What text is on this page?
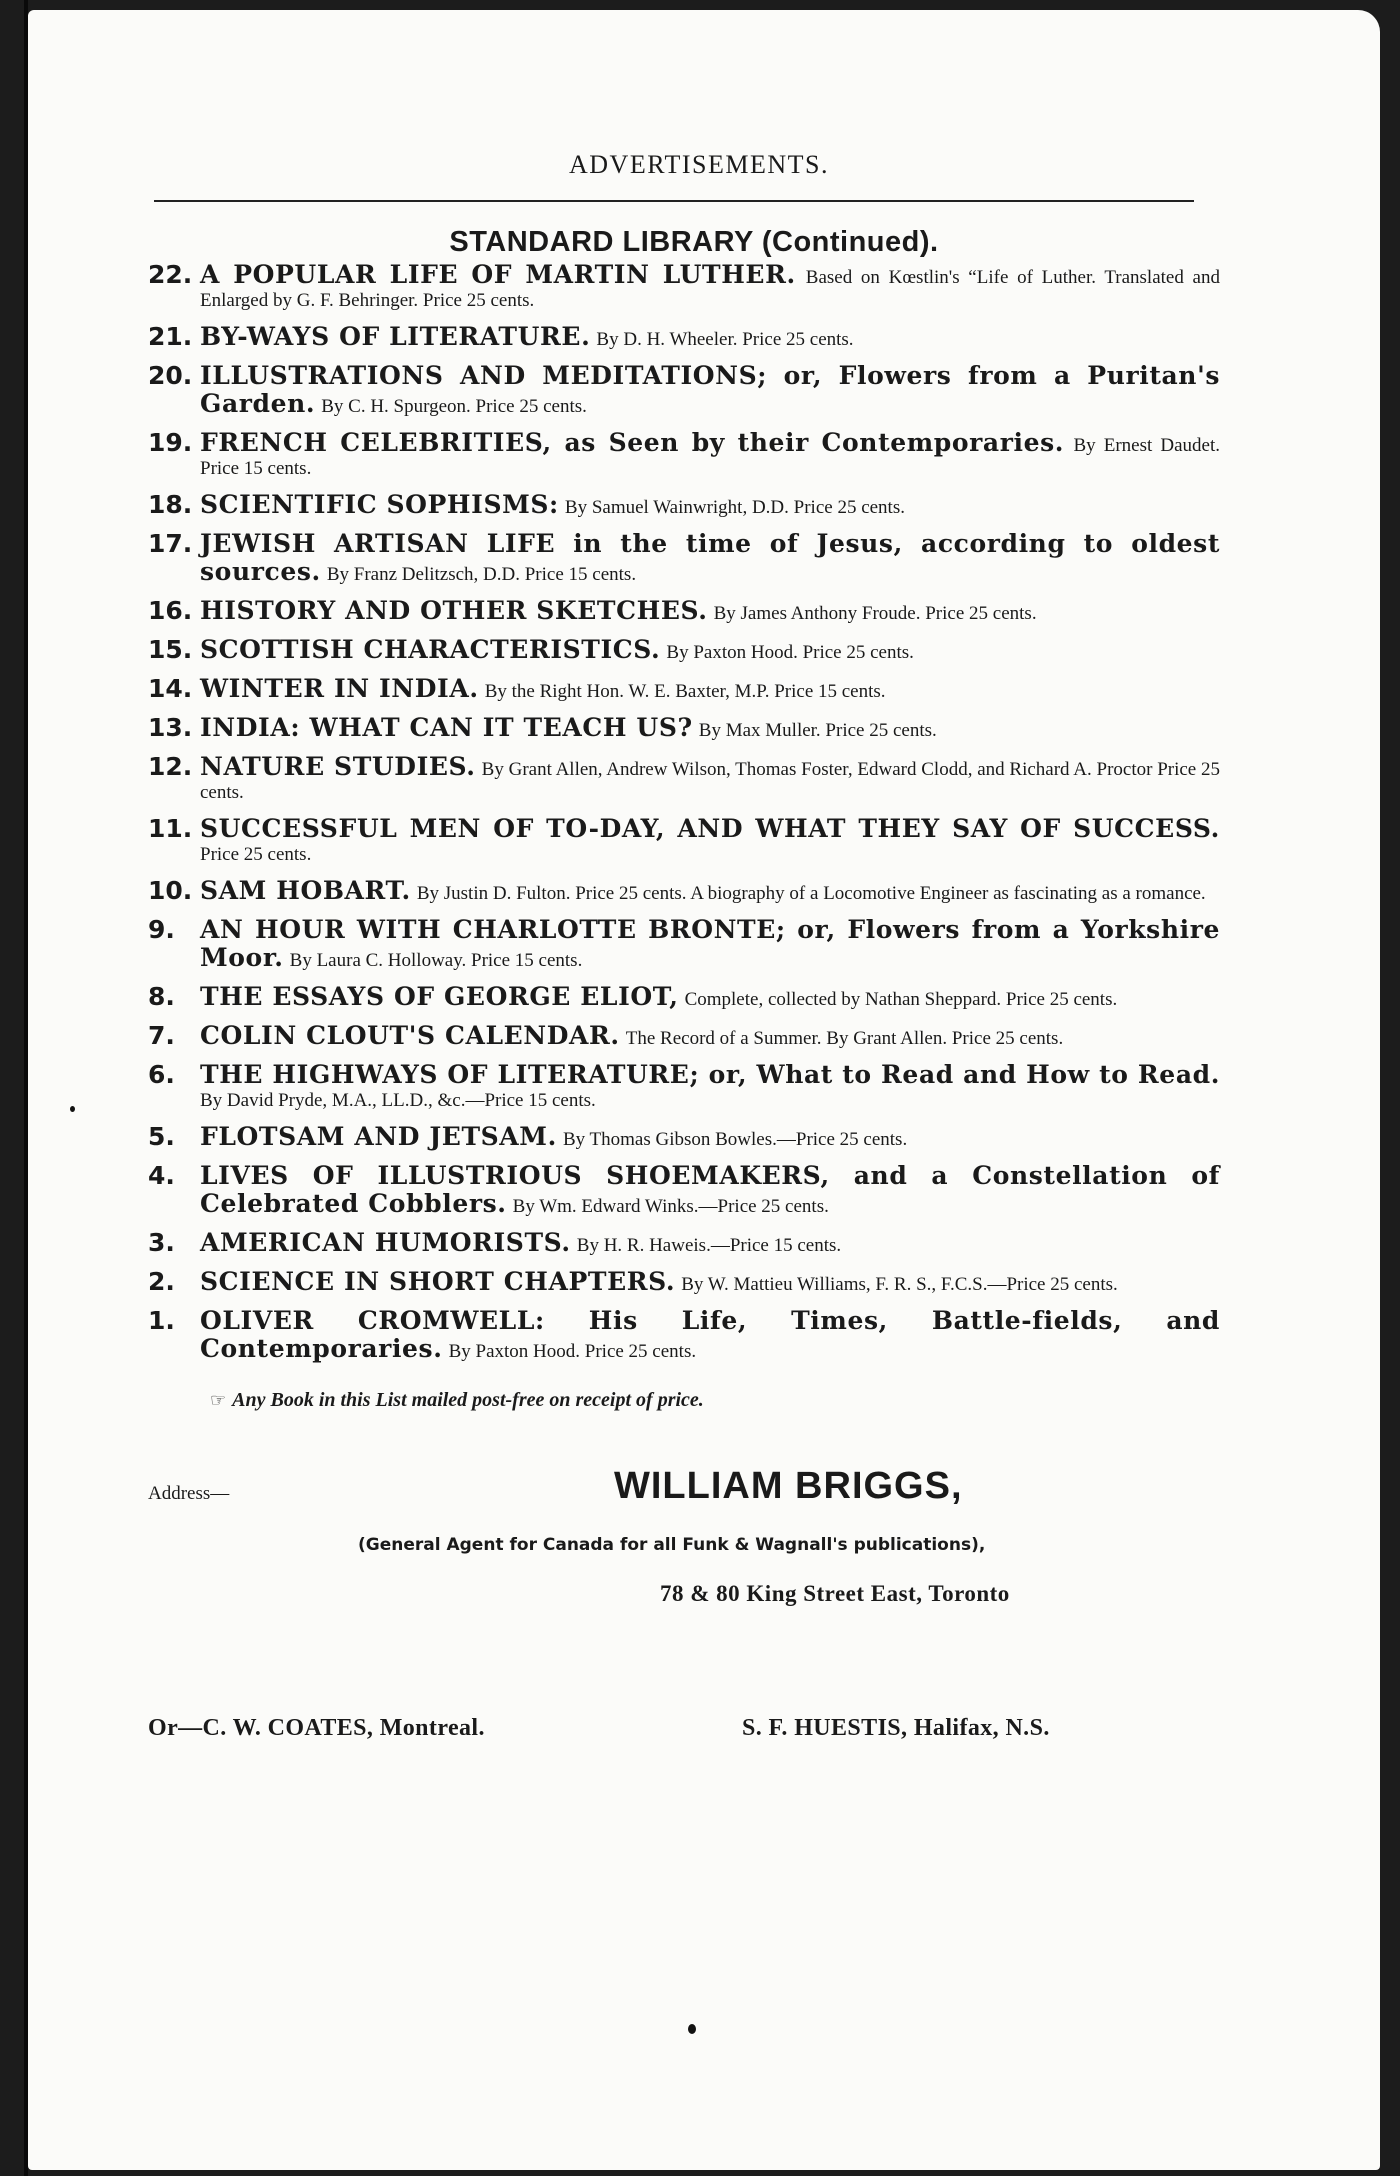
ADVERTISEMENTS.
STANDARD LIBRARY (Continued).
22. A POPULAR LIFE OF MARTIN LUTHER. Based on Kœstlin's “Life of Luther. Translated and Enlarged by G. F. Behringer. Price 25 cents.
21. BY-WAYS OF LITERATURE. By D. H. Wheeler. Price 25 cents.
20. ILLUSTRATIONS AND MEDITATIONS; or, Flowers from a Puritan's Garden. By C. H. Spurgeon. Price 25 cents.
19. FRENCH CELEBRITIES, as Seen by their Contemporaries. By Ernest Daudet. Price 15 cents.
18. SCIENTIFIC SOPHISMS: By Samuel Wainwright, D.D. Price 25 cents.
17. JEWISH ARTISAN LIFE in the time of Jesus, according to oldest sources. By Franz Delitzsch, D.D. Price 15 cents.
16. HISTORY AND OTHER SKETCHES. By James Anthony Froude. Price 25 cents.
15. SCOTTISH CHARACTERISTICS. By Paxton Hood. Price 25 cents.
14. WINTER IN INDIA. By the Right Hon. W. E. Baxter, M.P. Price 15 cents.
13. INDIA: WHAT CAN IT TEACH US? By Max Muller. Price 25 cents.
12. NATURE STUDIES. By Grant Allen, Andrew Wilson, Thomas Foster, Edward Clodd, and Richard A. Proctor Price 25 cents.
11. SUCCESSFUL MEN OF TO-DAY, AND WHAT THEY SAY OF SUCCESS. Price 25 cents.
10. SAM HOBART. By Justin D. Fulton. Price 25 cents. A biography of a Locomotive Engineer as fascinating as a romance.
9. AN HOUR WITH CHARLOTTE BRONTE; or, Flowers from a Yorkshire Moor. By Laura C. Holloway. Price 15 cents.
8. THE ESSAYS OF GEORGE ELIOT, Complete, collected by Nathan Sheppard. Price 25 cents.
7. COLIN CLOUT'S CALENDAR. The Record of a Summer. By Grant Allen. Price 25 cents.
6. THE HIGHWAYS OF LITERATURE; or, What to Read and How to Read. By David Pryde, M.A., LL.D., &c.—Price 15 cents.
5. FLOTSAM AND JETSAM. By Thomas Gibson Bowles.—Price 25 cents.
4. LIVES OF ILLUSTRIOUS SHOEMAKERS, and a Constellation of Celebrated Cobblers. By Wm. Edward Winks.—Price 25 cents.
3. AMERICAN HUMORISTS. By H. R. Haweis.—Price 15 cents.
2. SCIENCE IN SHORT CHAPTERS. By W. Mattieu Williams, F. R. S., F.C.S.—Price 25 cents.
1. OLIVER CROMWELL: His Life, Times, Battle-fields, and Contemporaries. By Paxton Hood. Price 25 cents.
☞ Any Book in this List mailed post-free on receipt of price.
Address—	WILLIAM BRIGGS,
(General Agent for Canada for all Funk & Wagnall's publications),
78 & 80 King Street East, Toronto
Or—C. W. COATES, Montreal.	S. F. HUESTIS, Halifax, N.S.
